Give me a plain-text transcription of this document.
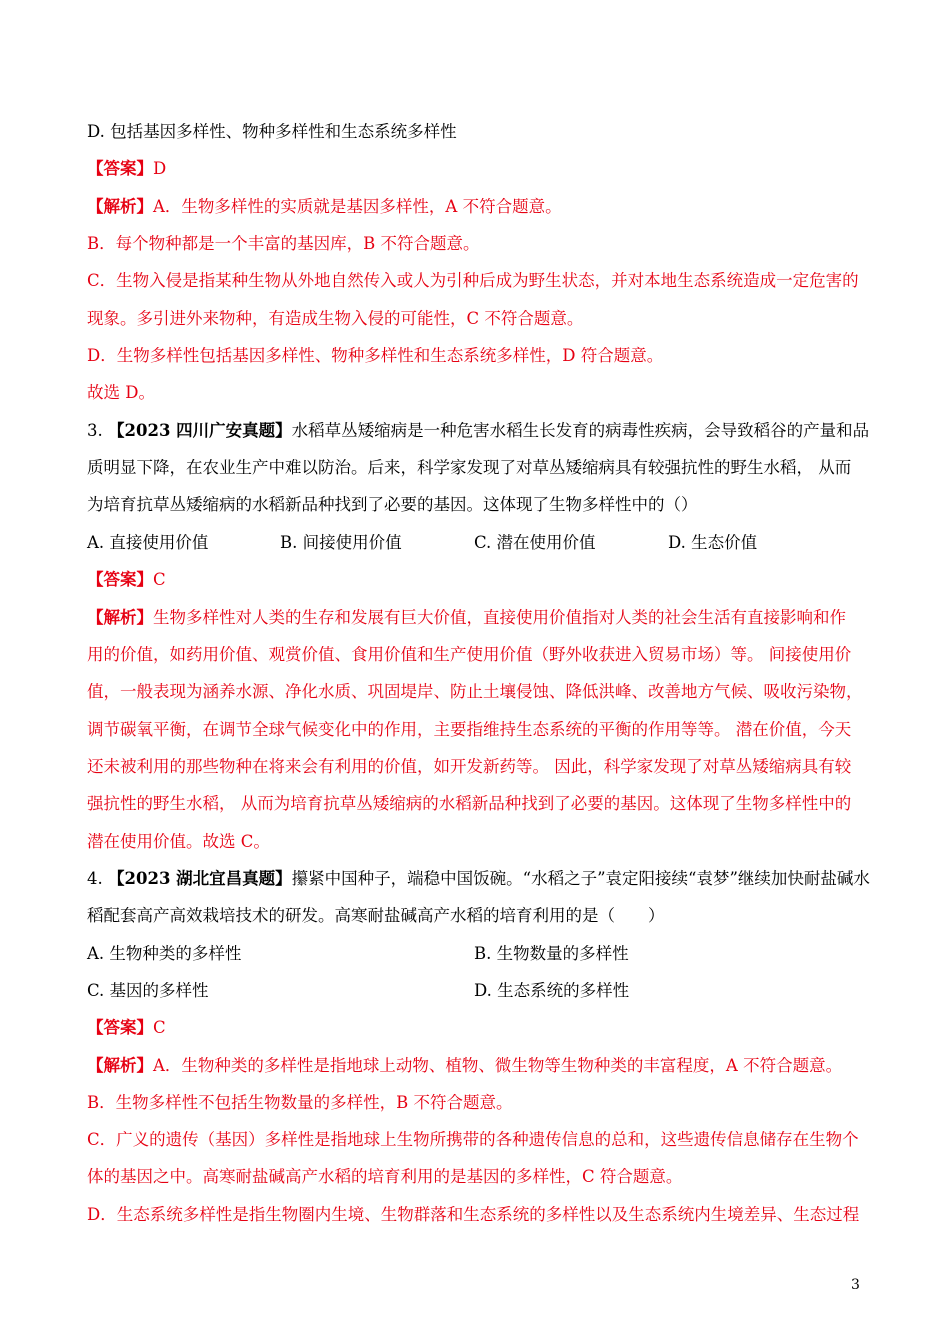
D. 包括基因多样性、物种多样性和生态系统多样性
【答案】D
【解析】A．生物多样性的实质就是基因多样性，A 不符合题意。
B．每个物种都是一个丰富的基因库，B 不符合题意。
C．生物入侵是指某种生物从外地自然传入或人为引种后成为野生状态，并对本地生态系统造成一定危害的
现象。多引进外来物种，有造成生物入侵的可能性，C 不符合题意。
D．生物多样性包括基因多样性、物种多样性和生态系统多样性，D 符合题意。
故选 D。
3. 【2023 四川广安真题】水稻草丛矮缩病是一种危害水稻生长发育的病毒性疾病，会导致稻谷的产量和品
质明显下降，在农业生产中难以防治。后来，科学家发现了对草丛矮缩病具有较强抗性的野生水稻， 从而
为培育抗草丛矮缩病的水稻新品种找到了必要的基因。这体现了生物多样性中的（）
A. 直接使用价值	B. 间接使用价值	C. 潜在使用价值	D. 生态价值
【答案】C
【解析】生物多样性对人类的生存和发展有巨大价值，直接使用价值指对人类的社会生活有直接影响和作
用的价值，如药用价值、观赏价值、食用价值和生产使用价值（野外收获进入贸易市场）等。 间接使用价
值，一般表现为涵养水源、净化水质、巩固堤岸、防止土壤侵蚀、降低洪峰、改善地方气候、吸收污染物，
调节碳氧平衡，在调节全球气候变化中的作用，主要指维持生态系统的平衡的作用等等。 潜在价值，今天
还未被利用的那些物种在将来会有利用的价值，如开发新药等。 因此，科学家发现了对草丛矮缩病具有较
强抗性的野生水稻， 从而为培育抗草丛矮缩病的水稻新品种找到了必要的基因。这体现了生物多样性中的
潜在使用价值。故选 C。
4. 【2023 湖北宜昌真题】攥紧中国种子，端稳中国饭碗。“水稻之子”袁定阳接续“袁梦”继续加快耐盐碱水
稻配套高产高效栽培技术的研发。高寒耐盐碱高产水稻的培育利用的是（　　）
A. 生物种类的多样性	B. 生物数量的多样性
C. 基因的多样性	D. 生态系统的多样性
【答案】C
【解析】A．生物种类的多样性是指地球上动物、植物、微生物等生物种类的丰富程度，A 不符合题意。
B．生物多样性不包括生物数量的多样性，B 不符合题意。
C．广义的遗传（基因）多样性是指地球上生物所携带的各种遗传信息的总和，这些遗传信息储存在生物个
体的基因之中。高寒耐盐碱高产水稻的培育利用的是基因的多样性，C 符合题意。
D．生态系统多样性是指生物圈内生境、生物群落和生态系统的多样性以及生态系统内生境差异、生态过程
3
